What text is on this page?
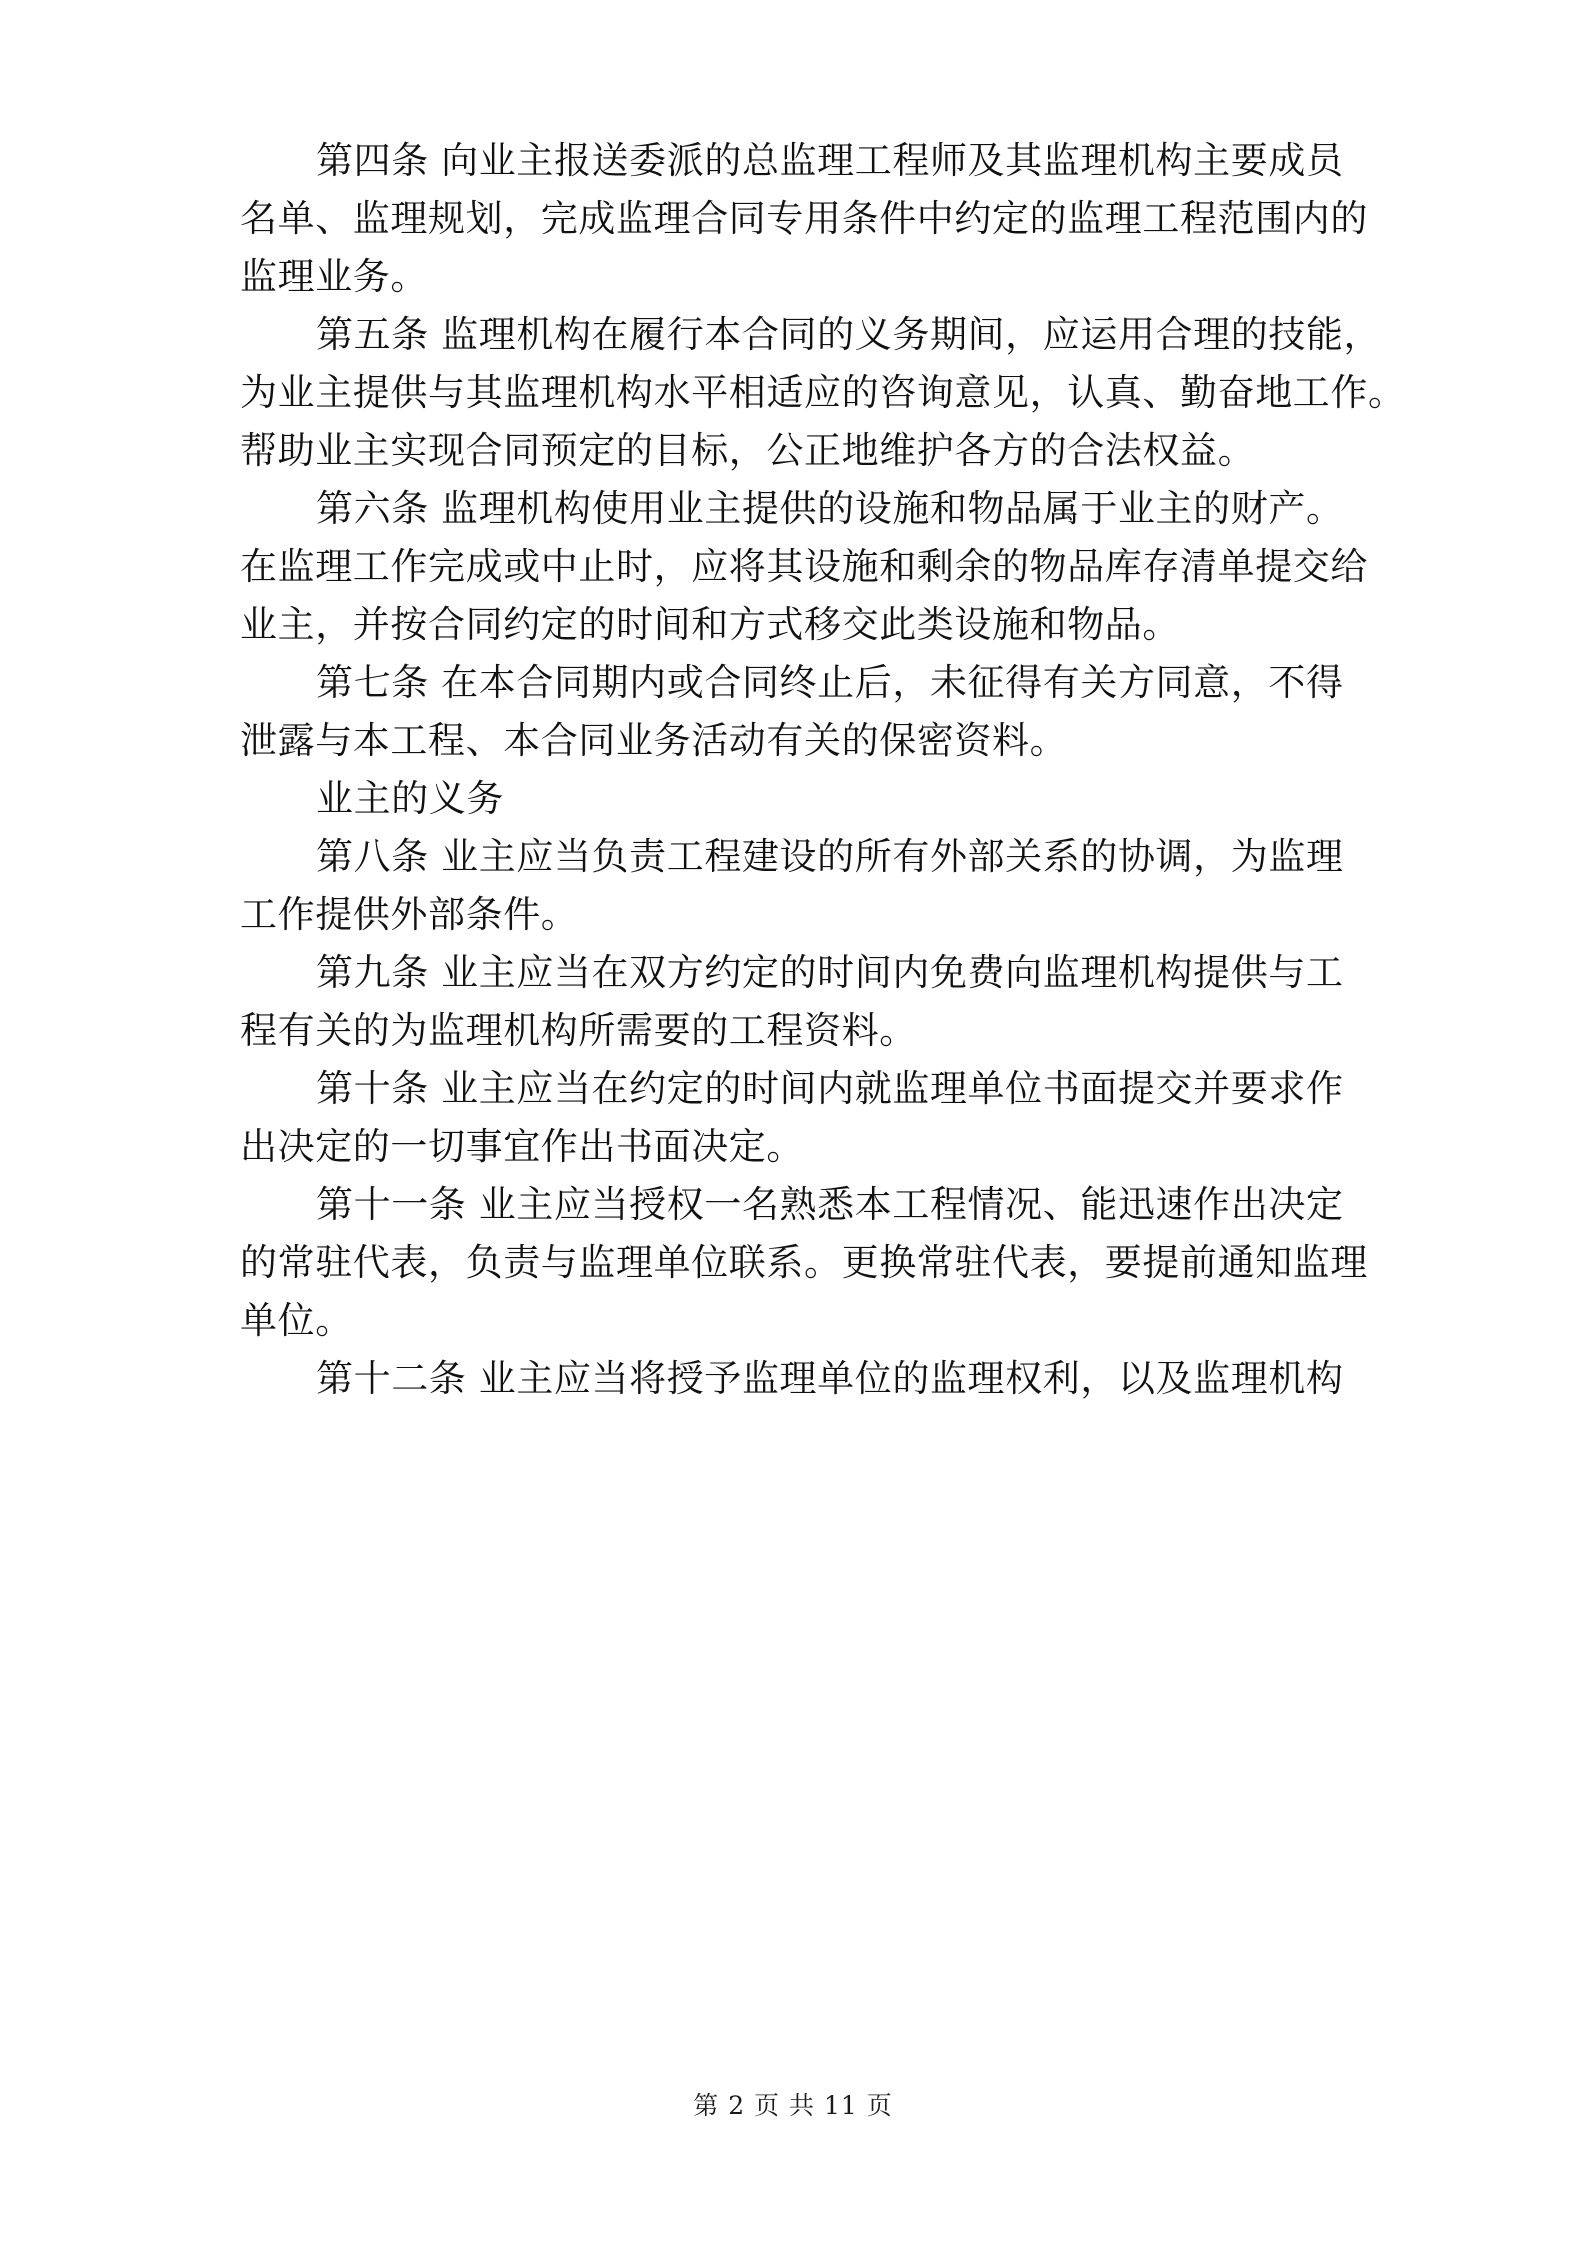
第四条 向业主报送委派的总监理工程师及其监理机构主要成员

名单、监理规划，完成监理合同专用条件中约定的监理工程范围内的

监理业务。

第五条 监理机构在履行本合同的义务期间，应运用合理的技能，

为业主提供与其监理机构水平相适应的咨询意见，认真、勤奋地工作。

帮助业主实现合同预定的目标，公正地维护各方的合法权益。

第六条 监理机构使用业主提供的设施和物品属于业主的财产。

在监理工作完成或中止时，应将其设施和剩余的物品库存清单提交给

业主，并按合同约定的时间和方式移交此类设施和物品。

第七条 在本合同期内或合同终止后，未征得有关方同意，不得

泄露与本工程、本合同业务活动有关的保密资料。

业主的义务

第八条 业主应当负责工程建设的所有外部关系的协调，为监理

工作提供外部条件。

第九条 业主应当在双方约定的时间内免费向监理机构提供与工

程有关的为监理机构所需要的工程资料。

第十条 业主应当在约定的时间内就监理单位书面提交并要求作

出决定的一切事宜作出书面决定。

第十一条 业主应当授权一名熟悉本工程情况、能迅速作出决定

的常驻代表，负责与监理单位联系。更换常驻代表，要提前通知监理

单位。

第十二条 业主应当将授予监理单位的监理权利，以及监理机构

第 2 页 共 11 页
